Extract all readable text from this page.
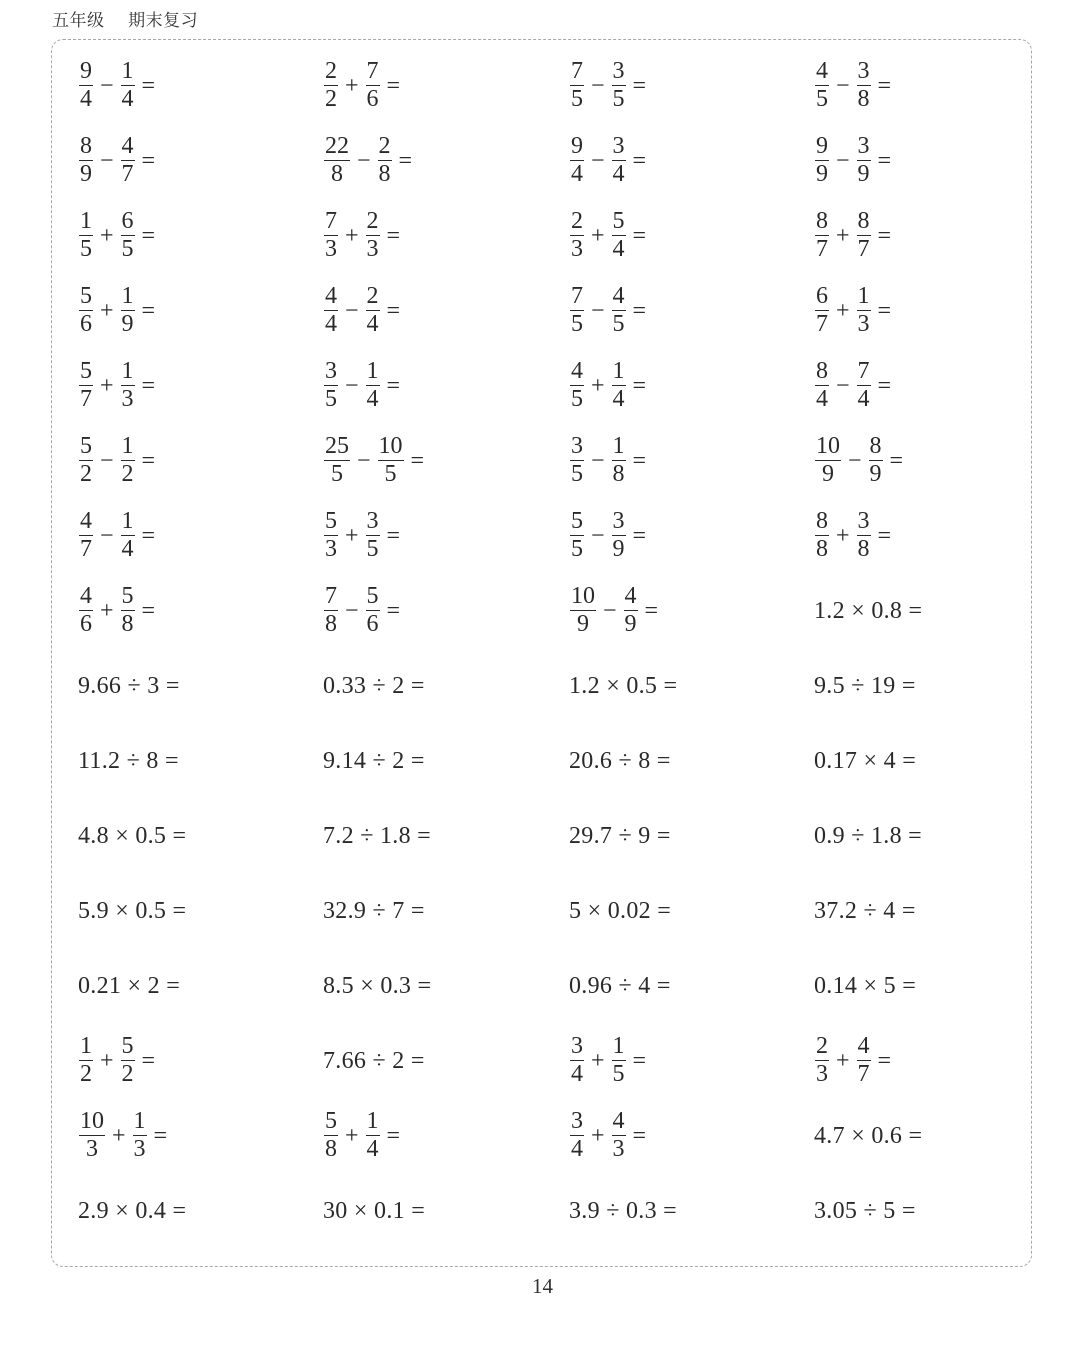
五年级 期末复习
$\frac{9}{4} - \frac{1}{4}$ =	$\frac{2}{2} + \frac{7}{6}$ =	$\frac{7}{5} - \frac{3}{5}$ =	$\frac{4}{5} - \frac{3}{8}$ =
$\frac{8}{9} - \frac{4}{7}$ =	$\frac{22}{8} - \frac{2}{8}$ =	$\frac{9}{4} - \frac{3}{4}$ =	$\frac{9}{9} - \frac{3}{9}$ =
$\frac{1}{5} + \frac{6}{5}$ =	$\frac{7}{3} + \frac{2}{3}$ =	$\frac{2}{3} + \frac{5}{4}$ =	$\frac{8}{7} + \frac{8}{7}$ =
$\frac{5}{6} + \frac{1}{9}$ =	$\frac{4}{4} - \frac{2}{4}$ =	$\frac{7}{5} - \frac{4}{5}$ =	$\frac{6}{7} + \frac{1}{3}$ =
$\frac{5}{7} + \frac{1}{3}$ =	$\frac{3}{5} - \frac{1}{4}$ =	$\frac{4}{5} + \frac{1}{4}$ =	$\frac{8}{4} - \frac{7}{4}$ =
$\frac{5}{2} - \frac{1}{2}$ =	$\frac{25}{5} - \frac{10}{5}$ =	$\frac{3}{5} - \frac{1}{8}$ =	$\frac{10}{9} - \frac{8}{9}$ =
$\frac{4}{7} - \frac{1}{4}$ =	$\frac{5}{3} + \frac{3}{5}$ =	$\frac{5}{5} - \frac{3}{9}$ =	$\frac{8}{8} + \frac{3}{8}$ =
$\frac{4}{6} + \frac{5}{8}$ =	$\frac{7}{8} - \frac{5}{6}$ =	$\frac{10}{9} - \frac{4}{9}$ =	1.2 × 0.8 =
9.66 ÷ 3 =	0.33 ÷ 2 =	1.2 × 0.5 =	9.5 ÷ 19 =
11.2 ÷ 8 =	9.14 ÷ 2 =	20.6 ÷ 8 =	0.17 × 4 =
4.8 × 0.5 =	7.2 ÷ 1.8 =	29.7 ÷ 9 =	0.9 ÷ 1.8 =
5.9 × 0.5 =	32.9 ÷ 7 =	5 × 0.02 =	37.2 ÷ 4 =
0.21 × 2 =	8.5 × 0.3 =	0.96 ÷ 4 =	0.14 × 5 =
$\frac{1}{2} + \frac{5}{2}$ =	7.66 ÷ 2 =	$\frac{3}{4} + \frac{1}{5}$ =	$\frac{2}{3} + \frac{4}{7}$ =
$\frac{10}{3} + \frac{1}{3}$ =	$\frac{5}{8} + \frac{1}{4}$ =	$\frac{3}{4} + \frac{4}{3}$ =	4.7 × 0.6 =
2.9 × 0.4 =	30 × 0.1 =	3.9 ÷ 0.3 =	3.05 ÷ 5 =
14
